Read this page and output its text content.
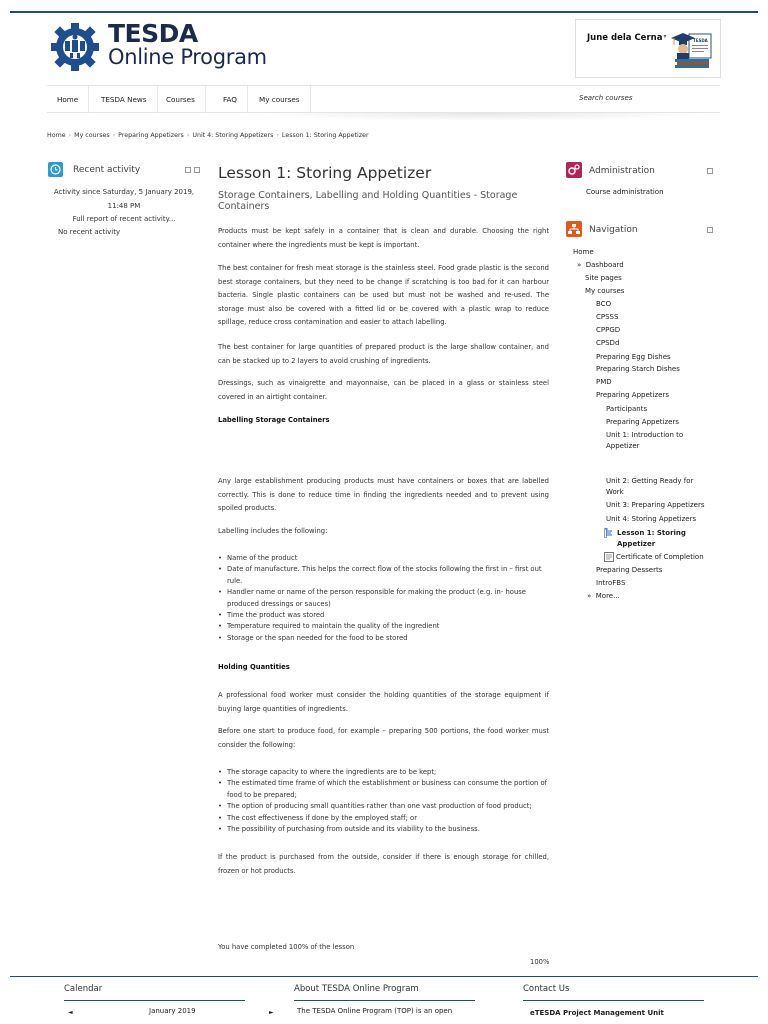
TESDA
Online Program
June dela Cerna▾
TESDA
Home	TESDA News	Courses	FAQ	My courses	Search courses
Home › My courses › Preparing Appetizers › Unit 4: Storing Appetizers › Lesson 1: Storing Appetizer
Recent activity
Activity since Saturday, 5 January 2019, 11:48 PM
Full report of recent activity...
No recent activity
Lesson 1: Storing Appetizer
Storage Containers, Labelling and Holding Quantities - Storage Containers

Products must be kept safely in a container that is clean and durable. Choosing the right container where the ingredients must be kept is important.

The best container for fresh meat storage is the stainless steel. Food grade plastic is the second best storage containers, but they need to be change if scratching is too bad for it can harbour bacteria. Single plastic containers can be used but must not be washed and re-used. The storage must also be covered with a fitted lid or be covered with a plastic wrap to reduce spillage, reduce cross contamination and easier to attach labelling.

The best container for large quantities of prepared product is the large shallow container, and can be stacked up to 2 layers to avoid crushing of ingredients.

Dressings, such as vinaigrette and mayonnaise, can be placed in a glass or stainless steel covered in an airtight container.

Labelling Storage Containers

Any large establishment producing products must have containers or boxes that are labelled correctly. This is done to reduce time in finding the ingredients needed and to prevent using spoiled products.

Labelling includes the following:

• Name of the product
• Date of manufacture. This helps the correct flow of the stocks following the first in – first out rule.
• Handler name or name of the person responsible for making the product (e.g. in- house produced dressings or sauces)
• Time the product was stored
• Temperature required to maintain the quality of the ingredient
• Storage or the span needed for the food to be stored

Holding Quantities

A professional food worker must consider the holding quantities of the storage equipment if buying large quantities of ingredients.

Before one start to produce food, for example – preparing 500 portions, the food worker must consider the following:

• The storage capacity to where the ingredients are to be kept;
• The estimated time frame of which the establishment or business can consume the portion of food to be prepared;
• The option of producing small quantities rather than one vast production of food product;
• The cost effectiveness if done by the employed staff; or
• The possibility of purchasing from outside and its viability to the business.

If the product is purchased from the outside, consider if there is enough storage for chilled, frozen or hot products.

You have completed 100% of the lesson

100%
Administration
Course administration
Navigation
Home
» Dashboard
Site pages
My courses
BCO
CPSSS
CPPGD
CPSDd
Preparing Egg Dishes
Preparing Starch Dishes
PMD
Preparing Appetizers
Participants
Preparing Appetizers
Unit 1: Introduction to Appetizer
Unit 2: Getting Ready for Work
Unit 3: Preparing Appetizers
Unit 4: Storing Appetizers
Lesson 1: Storing Appetizer
Certificate of Completion
Preparing Desserts
IntroFBS
» More...
Calendar
◄	January 2019	►
About TESDA Online Program
The TESDA Online Program (TOP) is an open
Contact Us
eTESDA Project Management Unit
